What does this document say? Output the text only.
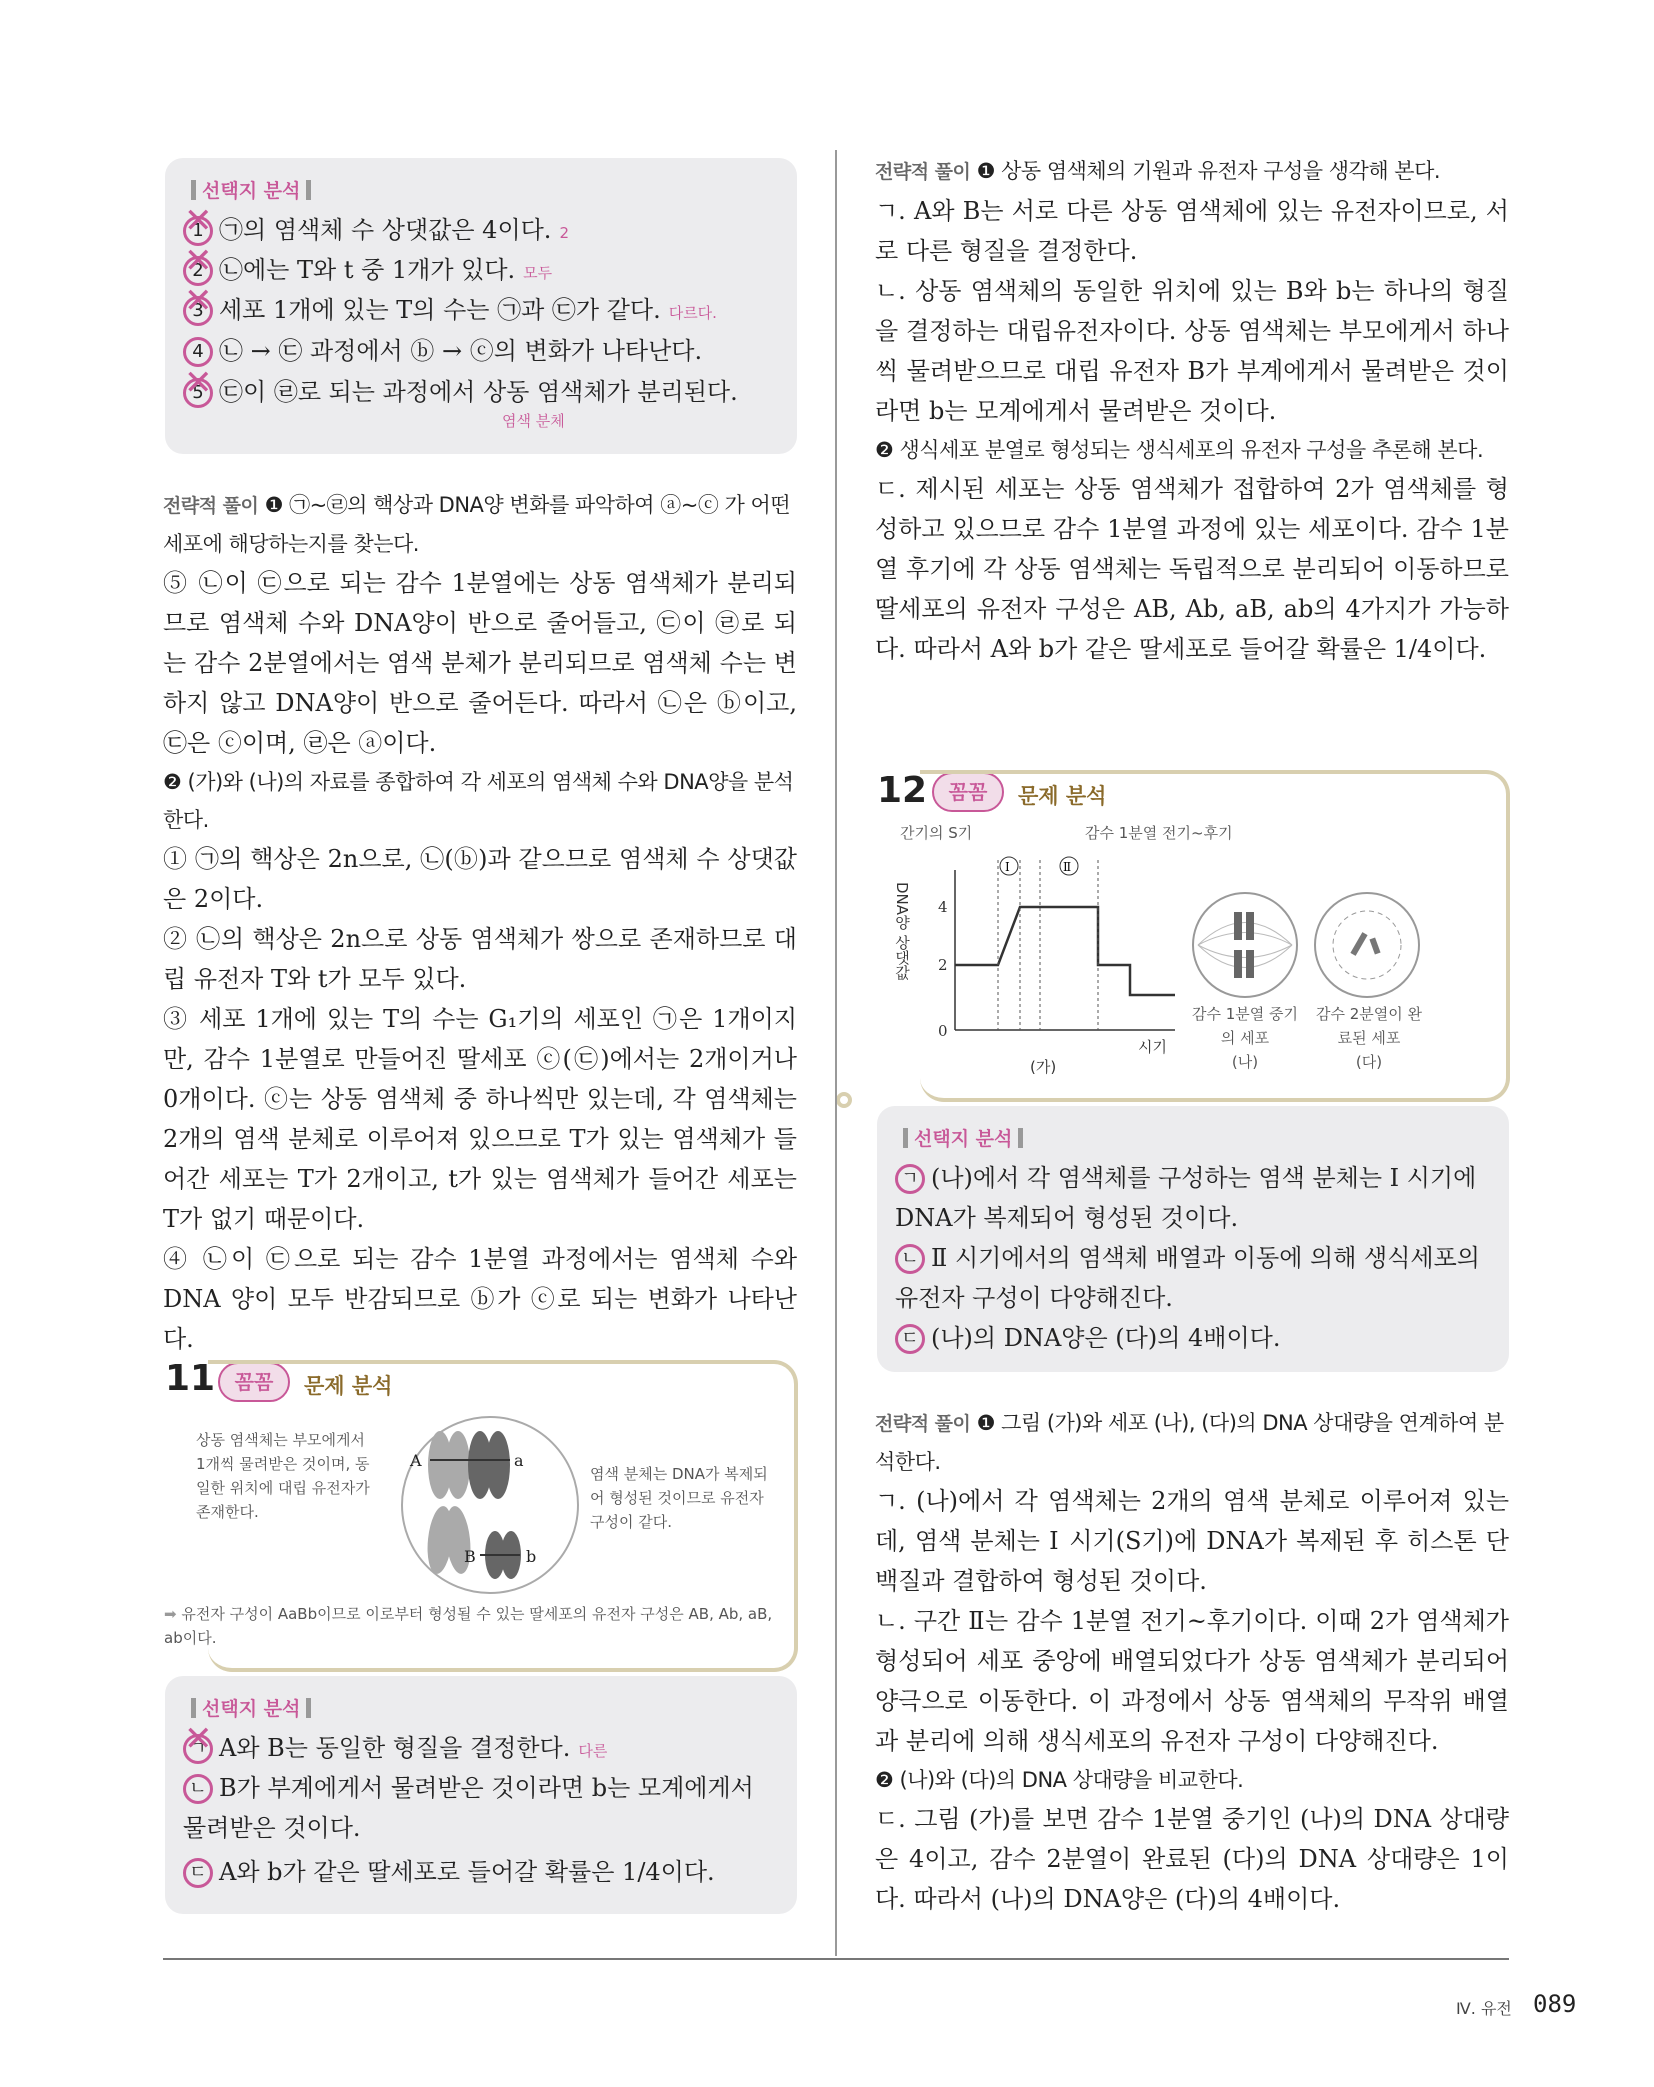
선택지 분석
1 ✕ ㉠의 염색체 수 상댓값은 4이다. 2
2 ✕ ㉡에는 T와 t 중 1개가 있다. 모두
3 ✕ 세포 1개에 있는 T의 수는 ㉠과 ㉢가 같다. 다르다.
4 ㉡ → ㉢ 과정에서 ⓑ → ⓒ의 변화가 나타난다.
5 ✕ ㉢이 ㉣로 되는 과정에서 상동 염색체가 분리된다.
염색 분체
전략적 풀이 ❶ ㉠~㉣의 핵상과 DNA양 변화를 파악하여 ⓐ~ⓒ 가 어떤 세포에 해당하는지를 찾는다.
⑤ ㉡이 ㉢으로 되는 감수 1분열에는 상동 염색체가 분리되므로 염색체 수와 DNA양이 반으로 줄어들고, ㉢이 ㉣로 되는 감수 2분열에서는 염색 분체가 분리되므로 염색체 수는 변하지 않고 DNA양이 반으로 줄어든다. 따라서 ㉡은 ⓑ이고, ㉢은 ⓒ이며, ㉣은 ⓐ이다.
❷ (가)와 (나)의 자료를 종합하여 각 세포의 염색체 수와 DNA양을 분석한다.
① ㉠의 핵상은 2n으로, ㉡(ⓑ)과 같으므로 염색체 수 상댓값은 2이다.
② ㉡의 핵상은 2n으로 상동 염색체가 쌍으로 존재하므로 대립 유전자 T와 t가 모두 있다.
③ 세포 1개에 있는 T의 수는 G₁기의 세포인 ㉠은 1개이지만, 감수 1분열로 만들어진 딸세포 ⓒ(㉢)에서는 2개이거나 0개이다. ⓒ는 상동 염색체 중 하나씩만 있는데, 각 염색체는 2개의 염색 분체로 이루어져 있으므로 T가 있는 염색체가 들어간 세포는 T가 2개이고, t가 있는 염색체가 들어간 세포는 T가 없기 때문이다.
④ ㉡이 ㉢으로 되는 감수 1분열 과정에서는 염색체 수와 DNA 양이 모두 반감되므로 ⓑ가 ⓒ로 되는 변화가 나타난다.
11 꼼꼼	문제 분석
상동 염색체는 부모에게서 1개씩 물려받은 것이며, 동일한 위치에 대립 유전자가 존재한다.
A	a
B	b
염색 분체는 DNA가 복제되어 형성된 것이므로 유전자 구성이 같다.
➡ 유전자 구성이 AaBb이므로 이로부터 형성될 수 있는 딸세포의 유전자 구성은 AB, Ab, aB, ab이다.
선택지 분석
ㄱ ✕ A와 B는 동일한 형질을 결정한다. 다른
ㄴ B가 부계에게서 물려받은 것이라면 b는 모계에게서 물려받은 것이다.
ㄷ A와 b가 같은 딸세포로 들어갈 확률은 1/4이다.
전략적 풀이 ❶ 상동 염색체의 기원과 유전자 구성을 생각해 본다.
ㄱ. A와 B는 서로 다른 상동 염색체에 있는 유전자이므로, 서로 다른 형질을 결정한다.
ㄴ. 상동 염색체의 동일한 위치에 있는 B와 b는 하나의 형질을 결정하는 대립유전자이다. 상동 염색체는 부모에게서 하나씩 물려받으므로 대립 유전자 B가 부계에게서 물려받은 것이라면 b는 모계에게서 물려받은 것이다.
❷ 생식세포 분열로 형성되는 생식세포의 유전자 구성을 추론해 본다.
ㄷ. 제시된 세포는 상동 염색체가 접합하여 2가 염색체를 형성하고 있으므로 감수 1분열 과정에 있는 세포이다. 감수 1분열 후기에 각 상동 염색체는 독립적으로 분리되어 이동하므로 딸세포의 유전자 구성은 AB, Ab, aB, ab의 4가지가 가능하다. 따라서 A와 b가 같은 딸세포로 들어갈 확률은 1/4이다.
12	꼼꼼	문제 분석
간기의 S기	감수 1분열 전기~후기
DNA양 상댓값 4
2
0
Ⅰ	Ⅱ
시기
(가)
감수 1분열 중기의 세포
(나)
감수 2분열이 완료된 세포
(다)
선택지 분석
ㄱ (나)에서 각 염색체를 구성하는 염색 분체는 Ⅰ 시기에 DNA가 복제되어 형성된 것이다.
ㄴ Ⅱ 시기에서의 염색체 배열과 이동에 의해 생식세포의 유전자 구성이 다양해진다.
ㄷ (나)의 DNA양은 (다)의 4배이다.
전략적 풀이 ❶ 그림 (가)와 세포 (나), (다)의 DNA 상대량을 연계하여 분석한다.
ㄱ. (나)에서 각 염색체는 2개의 염색 분체로 이루어져 있는데, 염색 분체는 Ⅰ 시기(S기)에 DNA가 복제된 후 히스톤 단백질과 결합하여 형성된 것이다.
ㄴ. 구간 Ⅱ는 감수 1분열 전기~후기이다. 이때 2가 염색체가 형성되어 세포 중앙에 배열되었다가 상동 염색체가 분리되어 양극으로 이동한다. 이 과정에서 상동 염색체의 무작위 배열과 분리에 의해 생식세포의 유전자 구성이 다양해진다.
❷ (나)와 (다)의 DNA 상대량을 비교한다.
ㄷ. 그림 (가)를 보면 감수 1분열 중기인 (나)의 DNA 상대량은 4이고, 감수 2분열이 완료된 (다)의 DNA 상대량은 1이다. 따라서 (나)의 DNA양은 (다)의 4배이다.
Ⅳ. 유전 089
